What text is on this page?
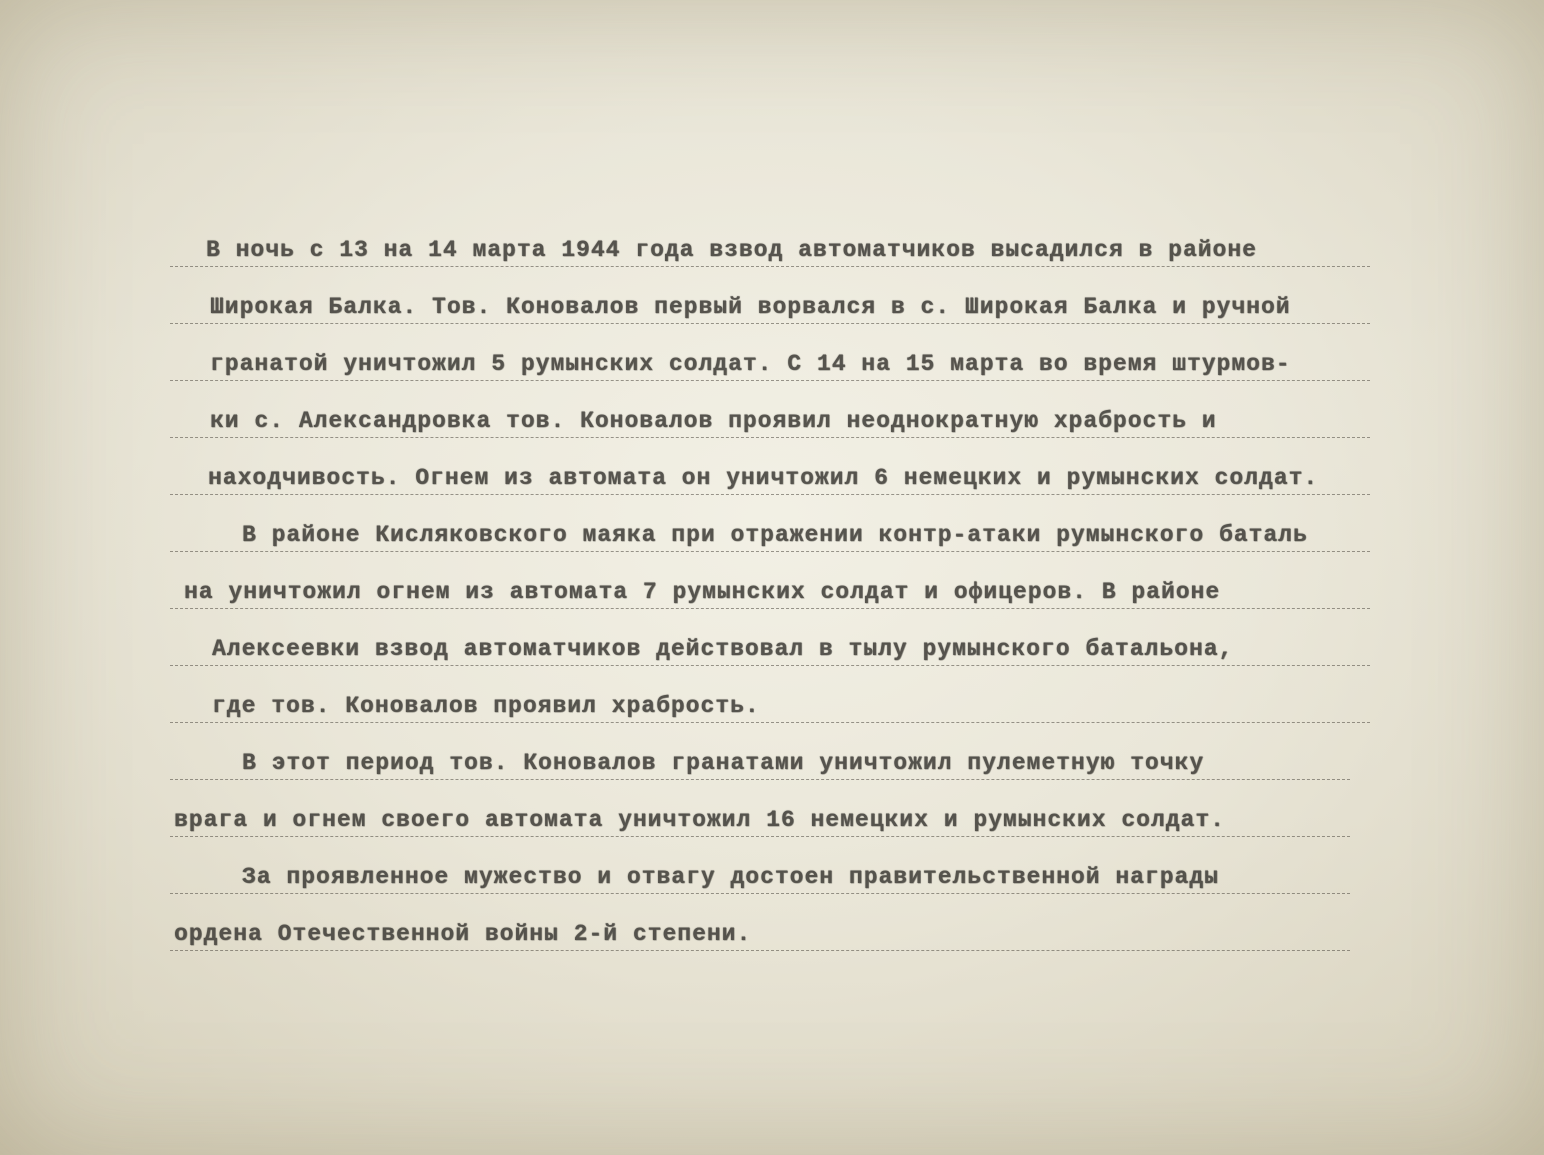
В ночь с 13 на 14 марта 1944 года взвод автоматчиков высадился в районе
Широкая Балка. Тов. Коновалов первый ворвался в с. Широкая Балка и ручной
гранатой уничтожил 5 румынских солдат. С 14 на 15 марта во время штурмов-
ки с. Александровка тов. Коновалов проявил неоднократную храбрость и
находчивость. Огнем из автомата он уничтожил 6 немецких и румынских солдат.
В районе Кисляковского маяка при отражении контр-атаки румынского баталь
на уничтожил огнем из автомата 7 румынских солдат и офицеров. В районе
Алексеевки взвод автоматчиков действовал в тылу румынского батальона,
где тов. Коновалов проявил храбрость.
В этот период тов. Коновалов гранатами уничтожил пулеметную точку
врага и огнем своего автомата уничтожил 16 немецких и румынских солдат.
За проявленное мужество и отвагу достоен правительственной награды
ордена Отечественной войны 2-й степени.
